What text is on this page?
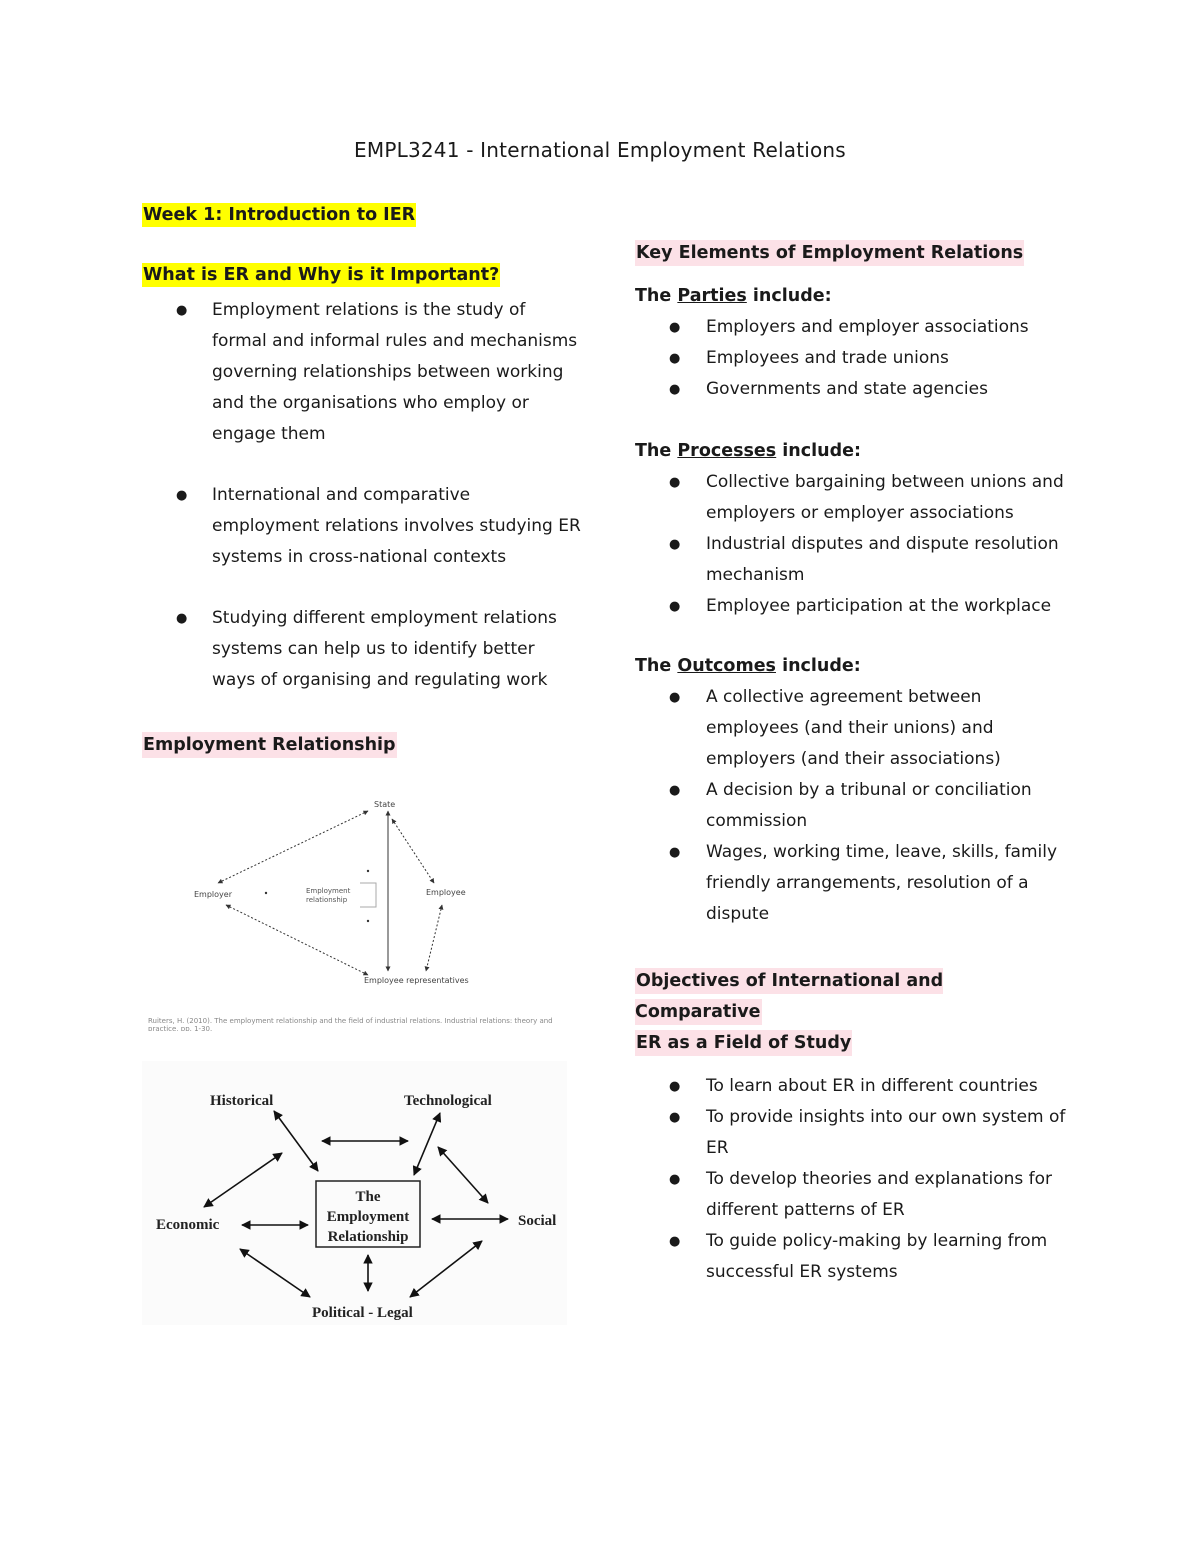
EMPL3241 - International Employment Relations
Week 1: Introduction to IER
What is ER and Why is it Important?
● Employment relations is the study of formal and informal rules and mechanisms governing relationships between working and the organisations who employ or engage them
● International and comparative employment relations involves studying ER systems in cross-national contexts
● Studying different employment relations systems can help us to identify better ways of organising and regulating work
Employment Relationship
State
Employer	Employment
relationship
Employee
Employee representatives
Ruiters, H. (2010). The employment relationship and the field of industrial relations. Industrial relations: theory and
practice, pp. 1-30.
Historical	Technological
Economic	Social
Political - Legal
The
Employment
Relationship
Key Elements of Employment Relations
The Parties include:
● Employers and employer associations
● Employees and trade unions
● Governments and state agencies
The Processes include:
● Collective bargaining between unions and employers or employer associations
● Industrial disputes and dispute resolution mechanism
● Employee participation at the workplace
The Outcomes include:
● A collective agreement between employees (and their unions) and employers (and their associations)
● A decision by a tribunal or conciliation commission
● Wages, working time, leave, skills, family friendly arrangements, resolution of a dispute
Objectives of International and Comparative
ER as a Field of Study
● To learn about ER in different countries
● To provide insights into our own system of ER
● To develop theories and explanations for different patterns of ER
● To guide policy-making by learning from successful ER systems
